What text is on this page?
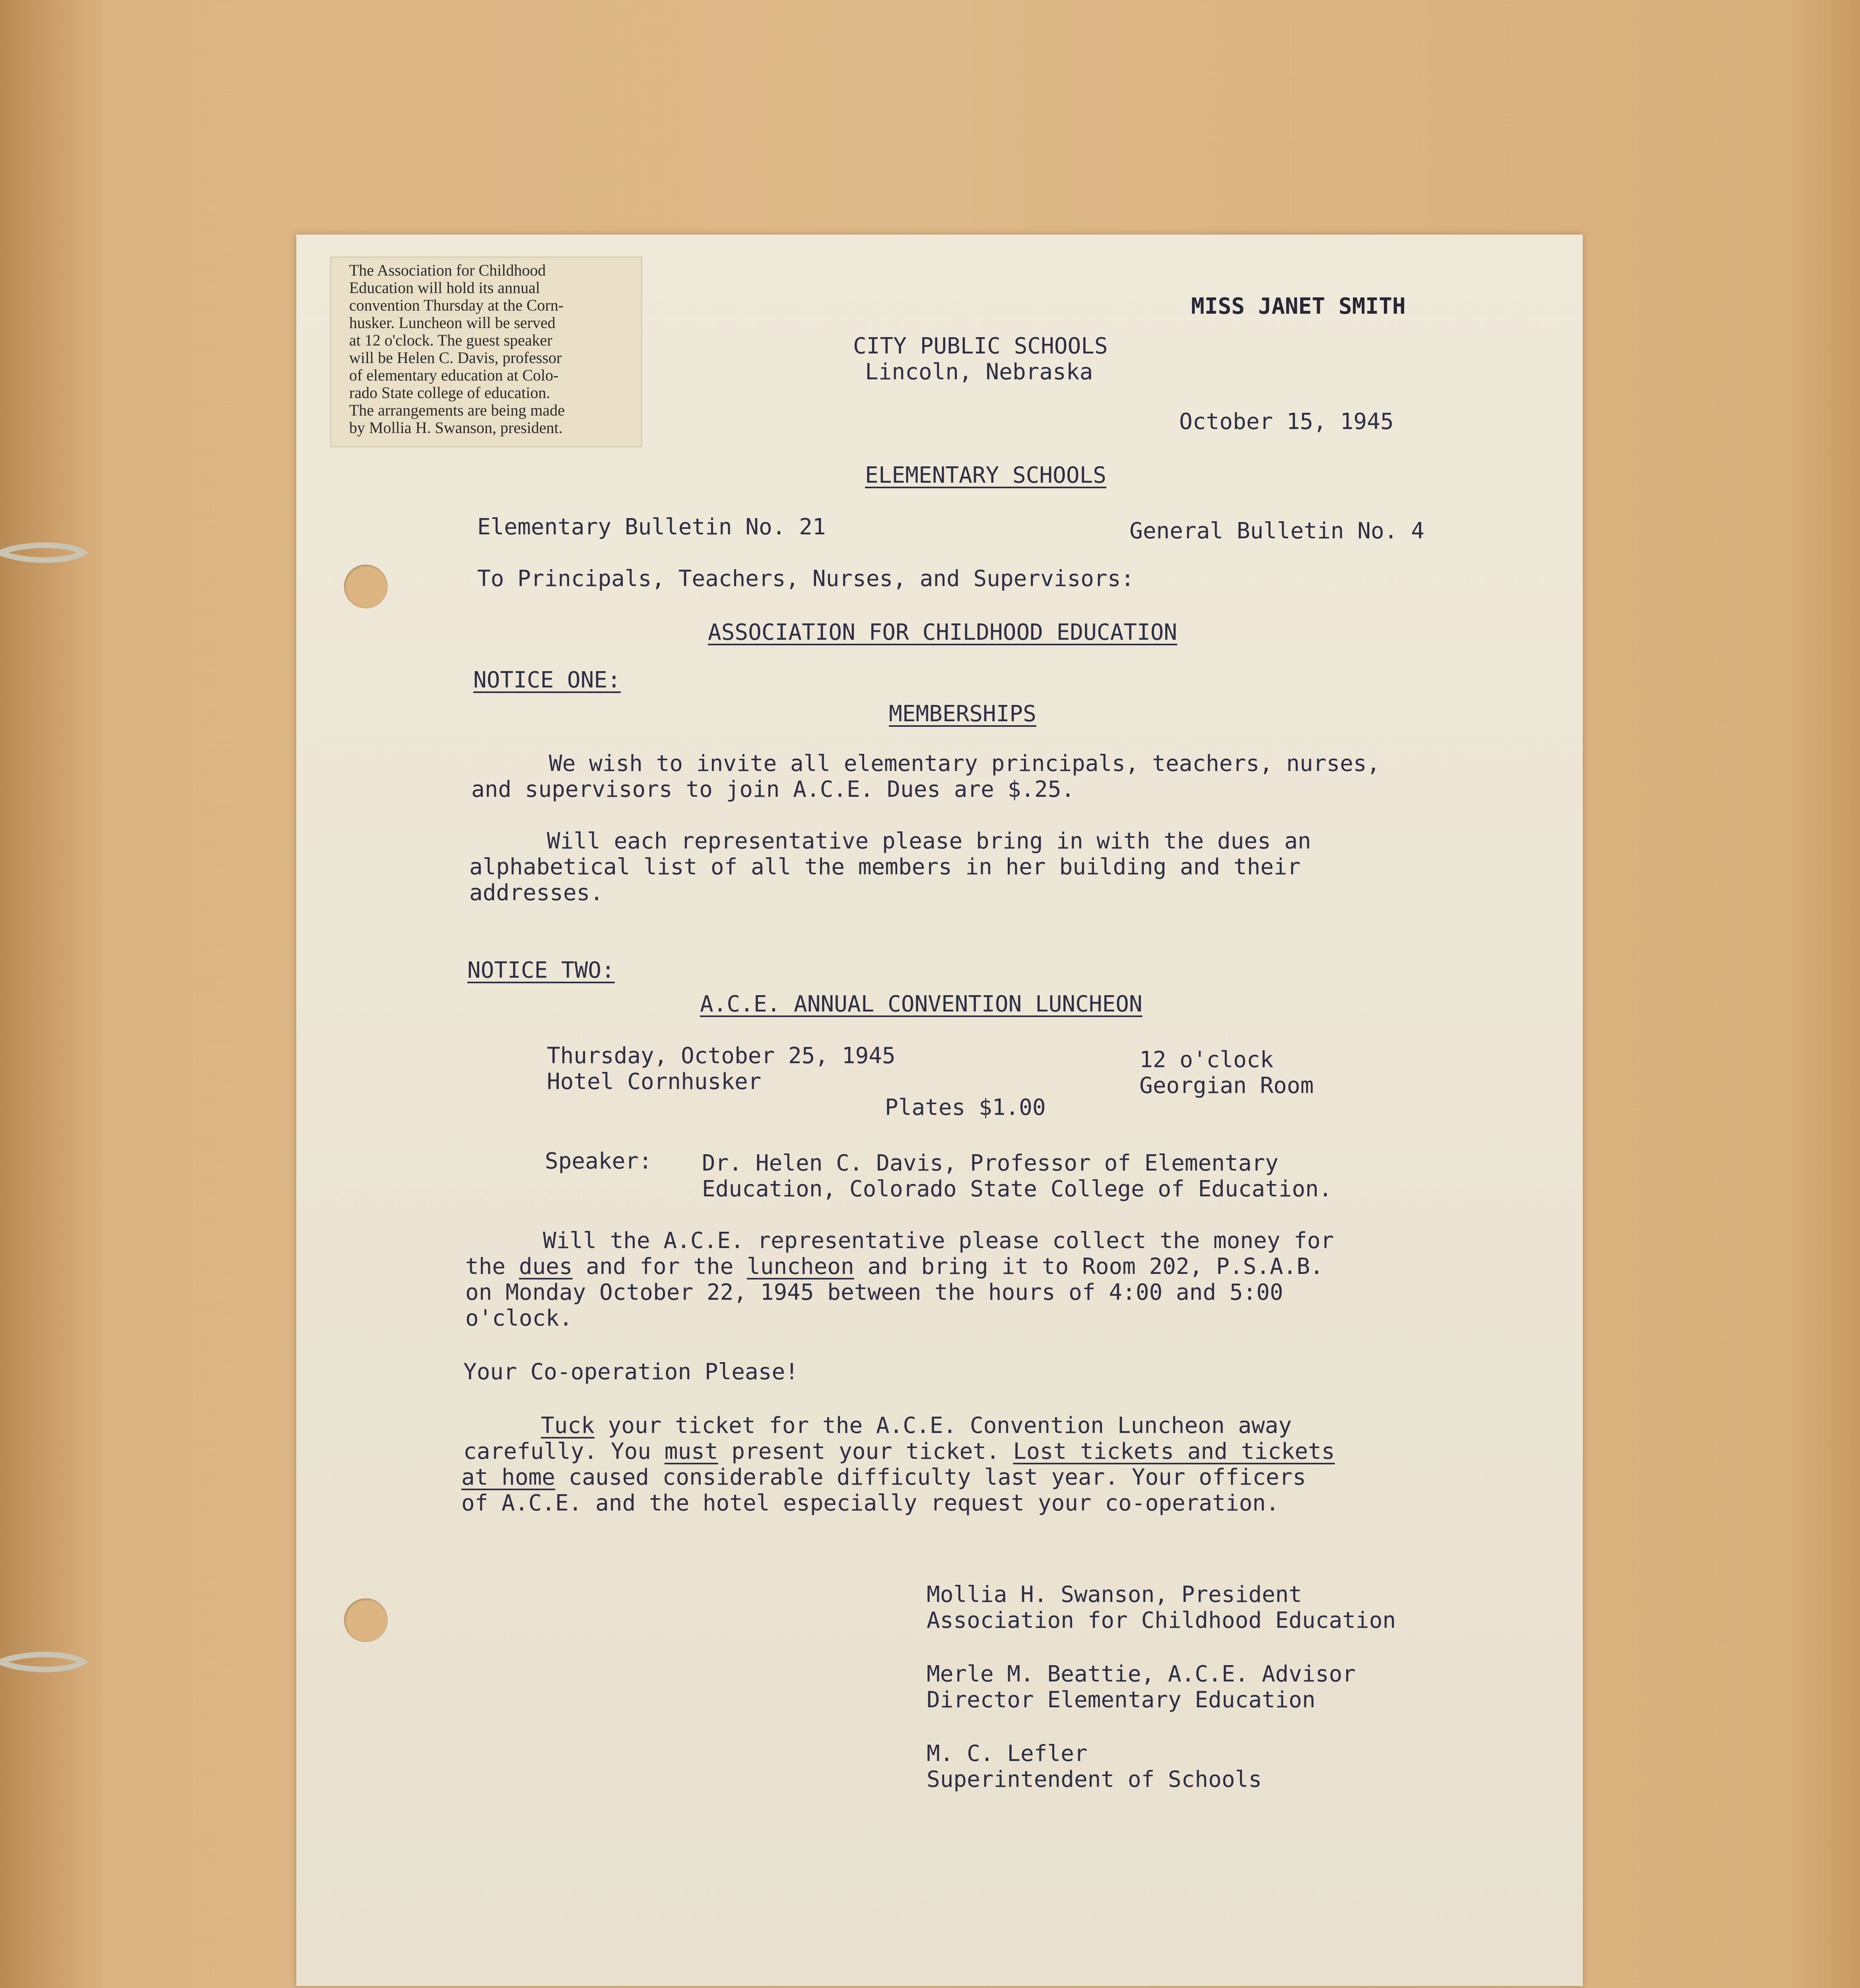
The Association for Childhood

Education will hold its annual

convention Thursday at the Corn-

husker. Luncheon will be served

at 12 o'clock. The guest speaker

will be Helen C. Davis, professor

of elementary education at Colo-

rado State college of education.

The arrangements are being made

by Mollia H. Swanson, president.

MISS JANET SMITH

CITY PUBLIC SCHOOLS

Lincoln, Nebraska

October 15, 1945

ELEMENTARY SCHOOLS

Elementary Bulletin No. 21	General Bulletin No. 4

To Principals, Teachers, Nurses, and Supervisors:

ASSOCIATION FOR CHILDHOOD EDUCATION

NOTICE ONE:

MEMBERSHIPS

We wish to invite all elementary principals, teachers, nurses,

and supervisors to join A.C.E. Dues are $.25.

Will each representative please bring in with the dues an

alphabetical list of all the members in her building and their

addresses.

NOTICE TWO:

A.C.E. ANNUAL CONVENTION LUNCHEON

Thursday, October 25, 1945

Hotel Cornhusker

12 o'clock

Georgian Room

Plates $1.00

Speaker: Dr. Helen C. Davis, Professor of Elementary

Education, Colorado State College of Education.

Will the A.C.E. representative please collect the money for

the dues and for the luncheon and bring it to Room 202, P.S.A.B.

on Monday October 22, 1945 between the hours of 4:00 and 5:00

o'clock.

Your Co-operation Please!

Tuck your ticket for the A.C.E. Convention Luncheon away

carefully. You must present your ticket. Lost tickets and tickets

at home caused considerable difficulty last year. Your officers

of A.C.E. and the hotel especially request your co-operation.

Mollia H. Swanson, President

Association for Childhood Education

Merle M. Beattie, A.C.E. Advisor

Director Elementary Education

M. C. Lefler

Superintendent of Schools
